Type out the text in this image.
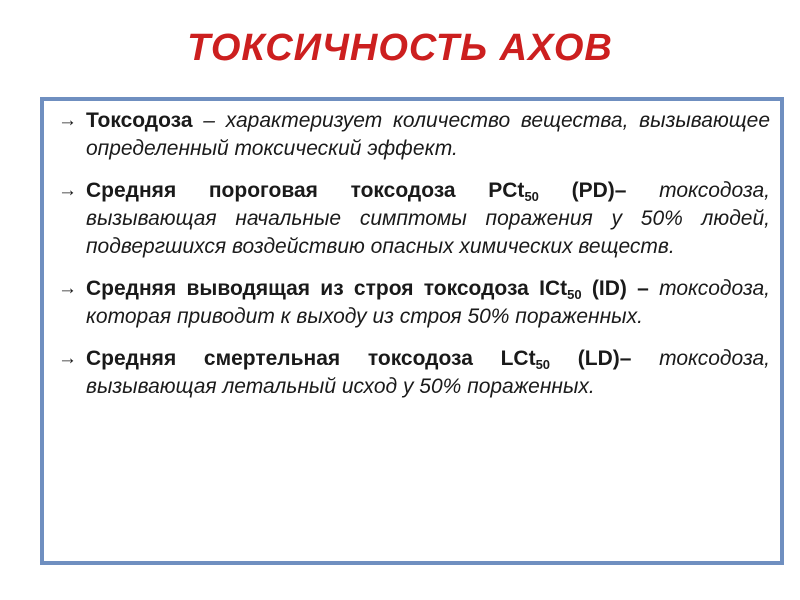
ТОКСИЧНОСТЬ АХОВ
→ Токсодоза – характеризует количество вещества, вызывающее определенный токсический эффект.
→ Средняя пороговая токсодоза PCt$_{50}$ (PD)– токсодоза, вызывающая начальные симптомы поражения у 50% людей, подвергшихся воздействию опасных химических веществ.
→ Средняя выводящая из строя токсодоза ICt$_{50}$ (ID) – токсодоза, которая приводит к выходу из строя 50% пораженных.
→ Средняя смертельная токсодоза LCt$_{50}$ (LD)– токсодоза, вызывающая летальный исход у 50% пораженных.
